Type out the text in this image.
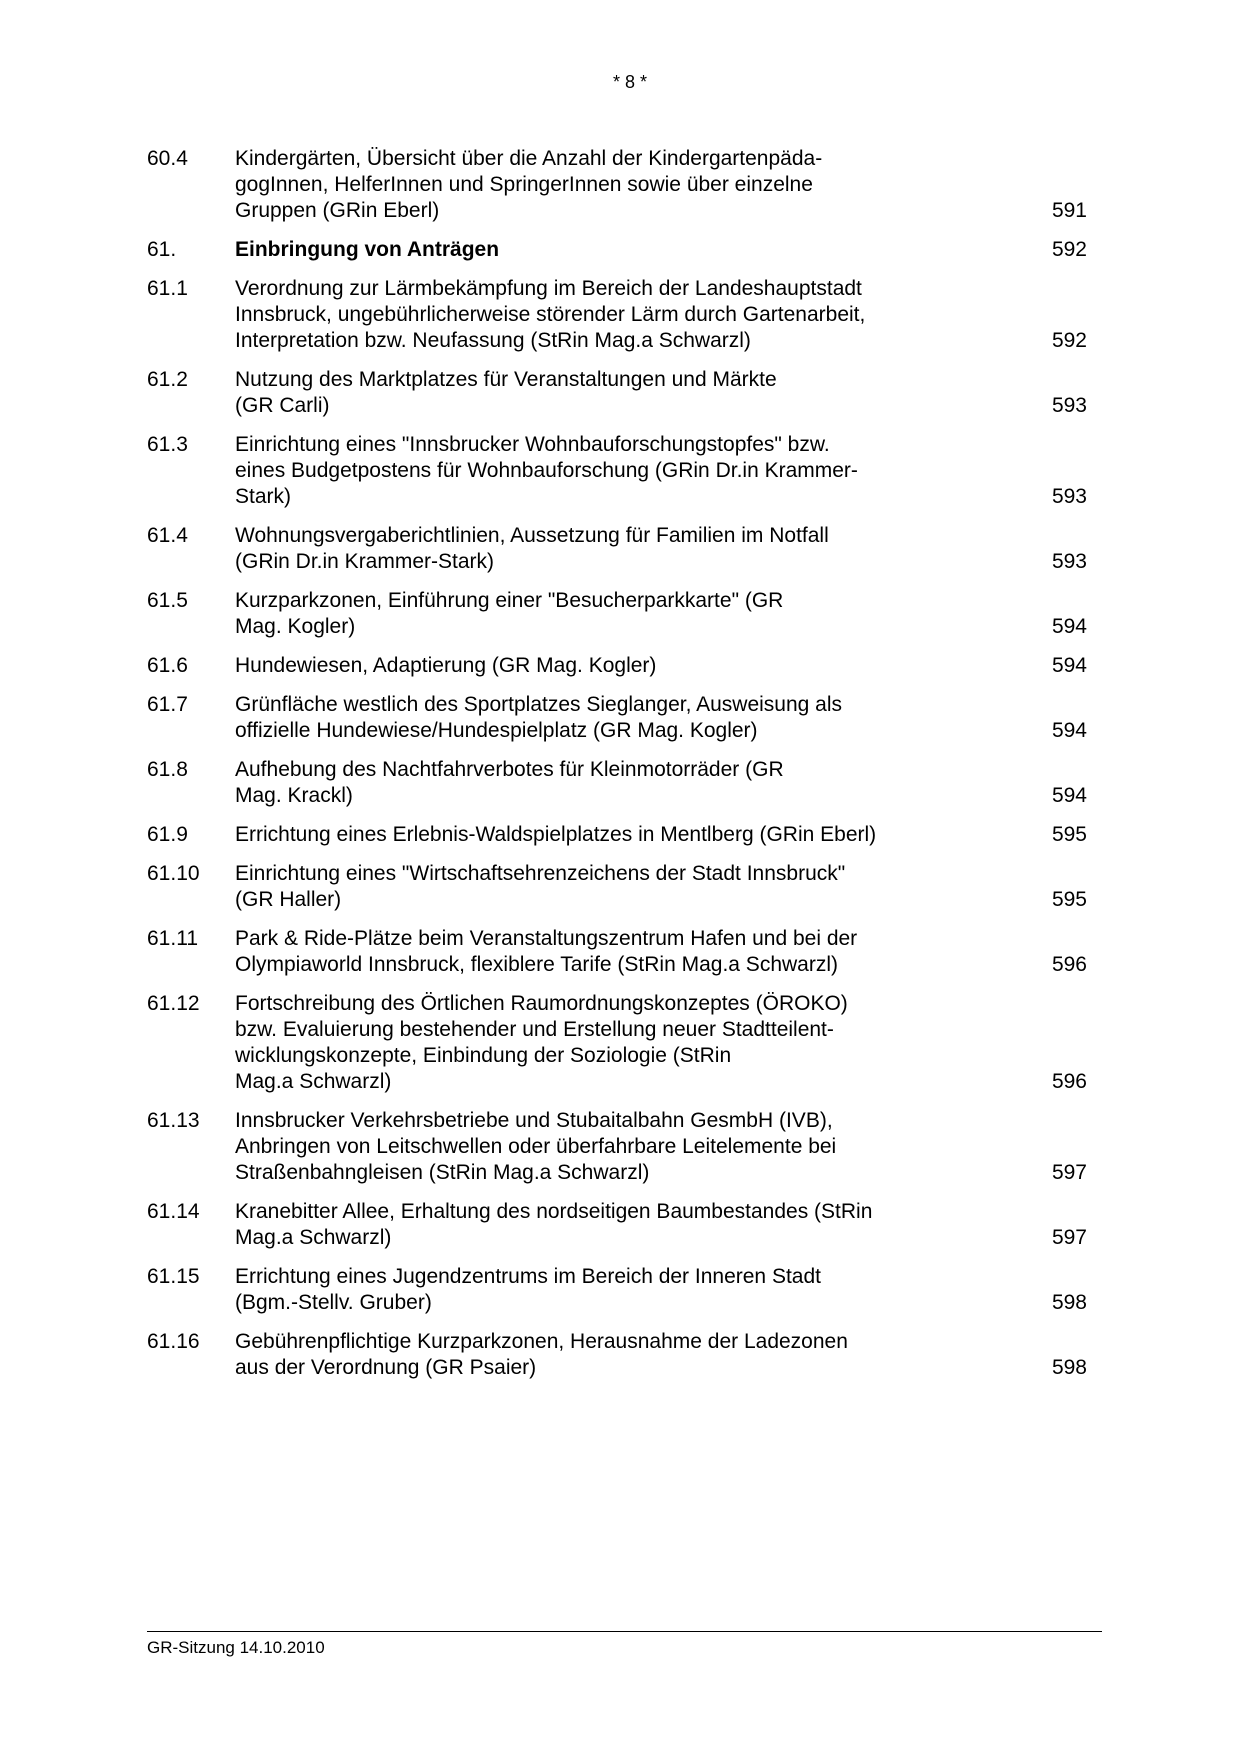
* 8 *
60.4	Kindergärten, Übersicht über die Anzahl der Kindergartenpäda-
gogInnen, HelferInnen und SpringerInnen sowie über einzelne
Gruppen (GRin Eberl)	591
61.	Einbringung von Anträgen	592
61.1	Verordnung zur Lärmbekämpfung im Bereich der Landeshauptstadt
Innsbruck, ungebührlicherweise störender Lärm durch Gartenarbeit,
Interpretation bzw. Neufassung (StRin Mag.a Schwarzl)	592
61.2	Nutzung des Marktplatzes für Veranstaltungen und Märkte
(GR Carli)	593
61.3	Einrichtung eines "Innsbrucker Wohnbauforschungstopfes" bzw.
eines Budgetpostens für Wohnbauforschung (GRin Dr.in Krammer-
Stark)	593
61.4	Wohnungsvergaberichtlinien, Aussetzung für Familien im Notfall
(GRin Dr.in Krammer-Stark)	593
61.5	Kurzparkzonen, Einführung einer "Besucherparkkarte" (GR
Mag. Kogler)	594
61.6	Hundewiesen, Adaptierung (GR Mag. Kogler)	594
61.7	Grünfläche westlich des Sportplatzes Sieglanger, Ausweisung als
offizielle Hundewiese/Hundespielplatz (GR Mag. Kogler)	594
61.8	Aufhebung des Nachtfahrverbotes für Kleinmotorräder (GR
Mag. Krackl)	594
61.9	Errichtung eines Erlebnis-Waldspielplatzes in Mentlberg (GRin Eberl)	595
61.10	Einrichtung eines "Wirtschaftsehrenzeichens der Stadt Innsbruck"
(GR Haller)	595
61.11	Park & Ride-Plätze beim Veranstaltungszentrum Hafen und bei der
Olympiaworld Innsbruck, flexiblere Tarife (StRin Mag.a Schwarzl)	596
61.12	Fortschreibung des Örtlichen Raumordnungskonzeptes (ÖROKO)
bzw. Evaluierung bestehender und Erstellung neuer Stadtteilent-
wicklungskonzepte, Einbindung der Soziologie (StRin
Mag.a Schwarzl)	596
61.13	Innsbrucker Verkehrsbetriebe und Stubaitalbahn GesmbH (IVB),
Anbringen von Leitschwellen oder überfahrbare Leitelemente bei
Straßenbahngleisen (StRin Mag.a Schwarzl)	597
61.14	Kranebitter Allee, Erhaltung des nordseitigen Baumbestandes (StRin
Mag.a Schwarzl)	597
61.15	Errichtung eines Jugendzentrums im Bereich der Inneren Stadt
(Bgm.-Stellv. Gruber)	598
61.16	Gebührenpflichtige Kurzparkzonen, Herausnahme der Ladezonen
aus der Verordnung (GR Psaier)	598
GR-Sitzung 14.10.2010
